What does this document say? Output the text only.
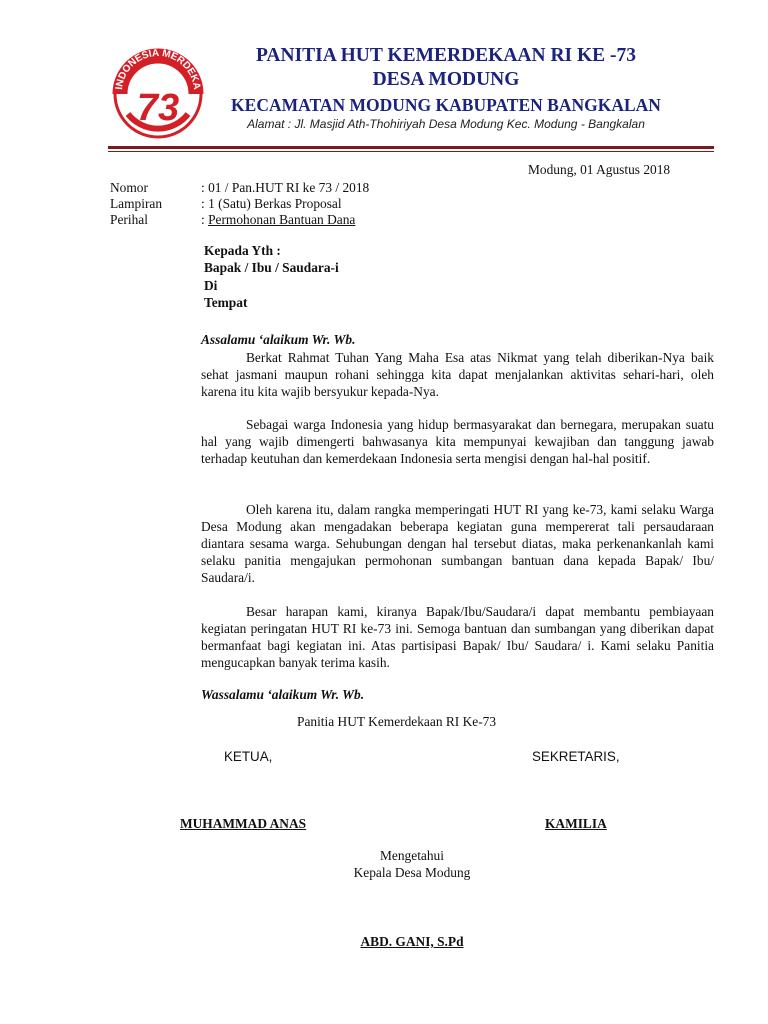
INDONESIA MERDEKA
73
PANITIA HUT KEMERDEKAAN RI KE -73
DESA MODUNG
KECAMATAN MODUNG KABUPATEN BANGKALAN
Alamat : Jl. Masjid Ath-Thohiriyah Desa Modung Kec. Modung - Bangkalan
Modung, 01 Agustus 2018
Nomor	: 01 / Pan.HUT RI ke 73 / 2018
Lampiran	: 1 (Satu) Berkas Proposal
Perihal	: Permohonan Bantuan Dana
Kepada Yth :
Bapak / Ibu / Saudara-i
Di
Tempat
Assalamu ‘alaikum Wr. Wb.
Berkat Rahmat Tuhan Yang Maha Esa atas Nikmat yang telah diberikan-Nya baik sehat jasmani maupun rohani sehingga kita dapat menjalankan aktivitas sehari-hari, oleh karena itu kita wajib bersyukur kepada-Nya.
Sebagai warga Indonesia yang hidup bermasyarakat dan bernegara, merupakan suatu hal yang wajib dimengerti bahwasanya kita mempunyai kewajiban dan tanggung jawab terhadap keutuhan dan kemerdekaan Indonesia serta mengisi dengan hal-hal positif.
Oleh karena itu, dalam rangka memperingati HUT RI yang ke-73, kami selaku Warga Desa Modung akan mengadakan beberapa kegiatan guna mempererat tali persaudaraan diantara sesama warga. Sehubungan dengan hal tersebut diatas, maka perkenankanlah kami selaku panitia mengajukan permohonan sumbangan bantuan dana kepada Bapak/ Ibu/ Saudara/i.
Besar harapan kami, kiranya Bapak/Ibu/Saudara/i dapat membantu pembiayaan kegiatan peringatan HUT RI ke-73 ini. Semoga bantuan dan sumbangan yang diberikan dapat bermanfaat bagi kegiatan ini. Atas partisipasi Bapak/ Ibu/ Saudara/ i. Kami selaku Panitia mengucapkan banyak terima kasih.
Wassalamu ‘alaikum Wr. Wb.
Panitia HUT Kemerdekaan RI Ke-73
KETUA,	SEKRETARIS,
MUHAMMAD ANAS	KAMILIA
Mengetahui
Kepala Desa Modung
ABD. GANI, S.Pd
